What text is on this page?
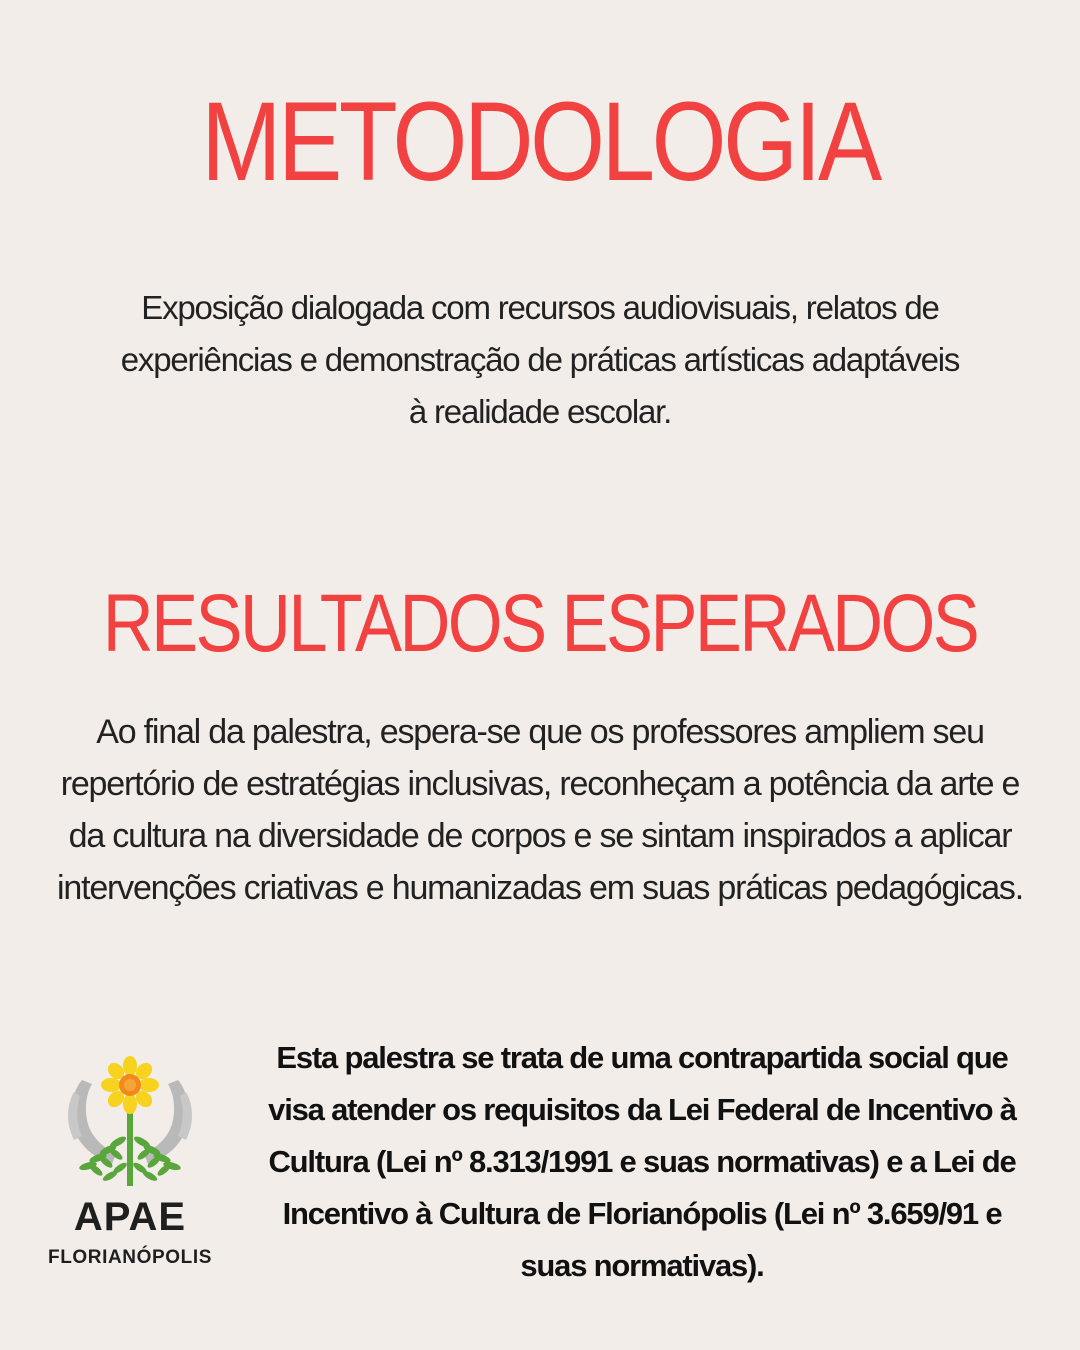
METODOLOGIA

Exposição dialogada com recursos audiovisuais, relatos de
experiências e demonstração de práticas artísticas adaptáveis
à realidade escolar.

RESULTADOS ESPERADOS

Ao final da palestra, espera-se que os professores ampliem seu
repertório de estratégias inclusivas, reconheçam a potência da arte e
da cultura na diversidade de corpos e se sintam inspirados a aplicar
intervenções criativas e humanizadas em suas práticas pedagógicas.

APAE
FLORIANÓPOLIS

Esta palestra se trata de uma contrapartida social que
visa atender os requisitos da Lei Federal de Incentivo à
Cultura (Lei nº 8.313/1991 e suas normativas) e a Lei de
Incentivo à Cultura de Florianópolis (Lei nº 3.659/91 e
suas normativas).
